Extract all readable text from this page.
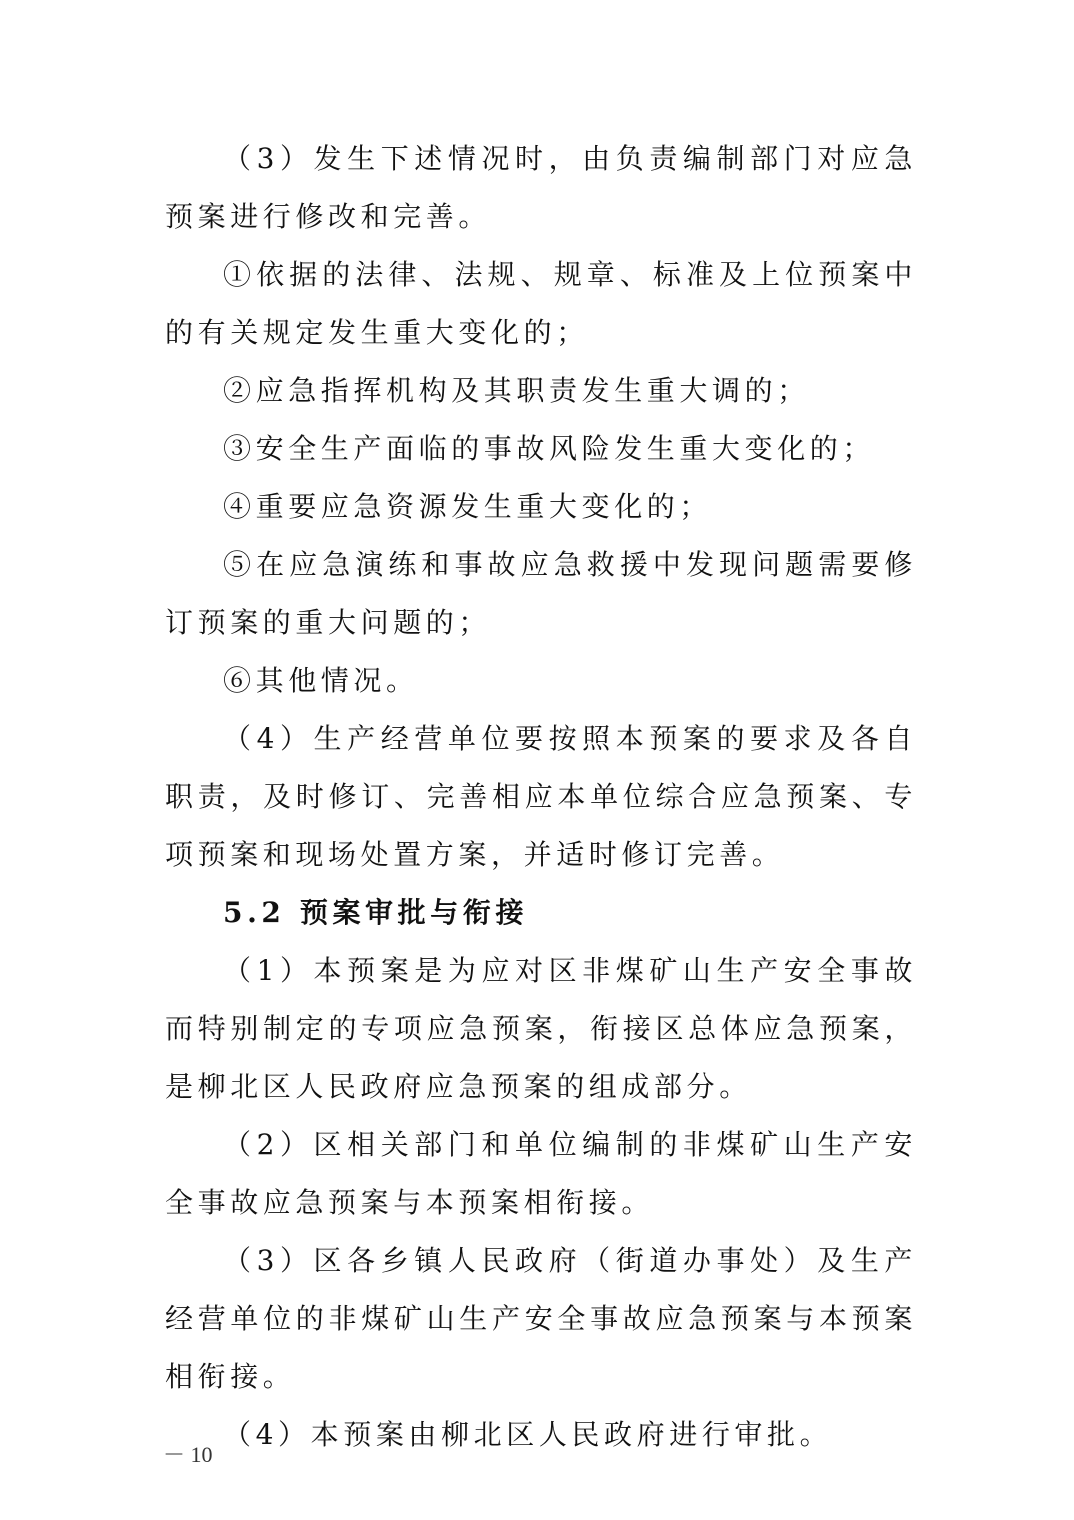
（3）发生下述情况时，由负责编制部门对应急预案进行修改和完善。

①依据的法律、法规、规章、标准及上位预案中的有关规定发生重大变化的；

②应急指挥机构及其职责发生重大调的；

③安全生产面临的事故风险发生重大变化的；

④重要应急资源发生重大变化的；

⑤在应急演练和事故应急救援中发现问题需要修订预案的重大问题的；

⑥其他情况。

（4）生产经营单位要按照本预案的要求及各自职责，及时修订、完善相应本单位综合应急预案、专项预案和现场处置方案，并适时修订完善。

5.2 预案审批与衔接

（1）本预案是为应对区非煤矿山生产安全事故而特别制定的专项应急预案，衔接区总体应急预案，是柳北区人民政府应急预案的组成部分。

（2）区相关部门和单位编制的非煤矿山生产安全事故应急预案与本预案相衔接。

（3）区各乡镇人民政府（街道办事处）及生产经营单位的非煤矿山生产安全事故应急预案与本预案相衔接。

（4）本预案由柳北区人民政府进行审批。

－ 10
